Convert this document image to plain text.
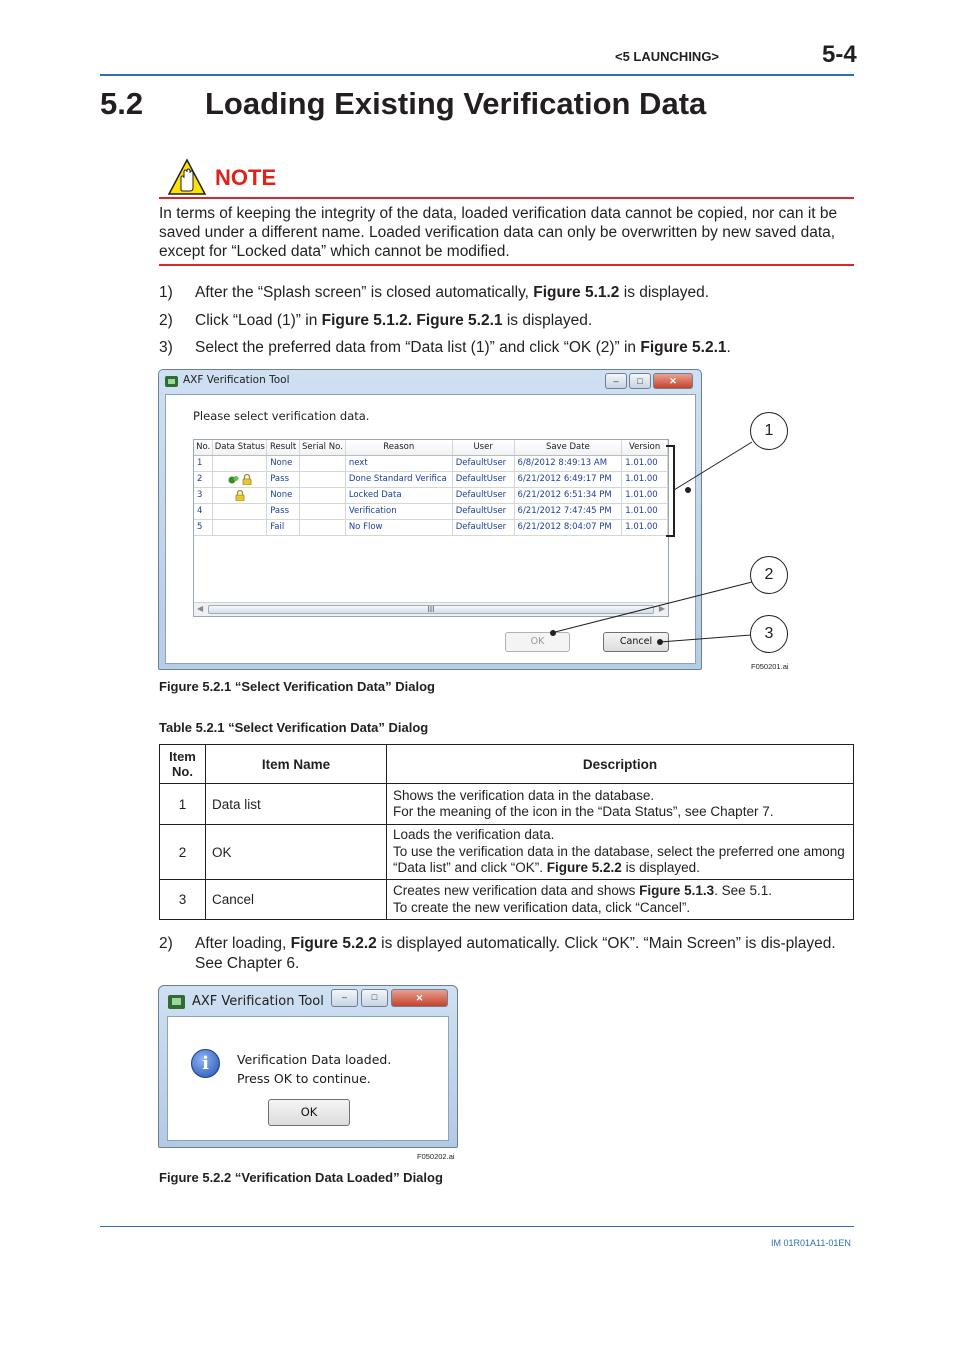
<5 LAUNCHING>	5-4
5.2 Loading Existing Verification Data
NOTE
In terms of keeping the integrity of the data, loaded verification data cannot be copied, nor can it be saved under a different name. Loaded verification data can only be overwritten by new saved data, except for “Locked data” which cannot be modified.
1) After the “Splash screen” is closed automatically, Figure 5.1.2 is displayed.
2) Click “Load (1)” in Figure 5.1.2. Figure 5.2.1 is displayed.
3) Select the preferred data from “Data list (1)” and click “OK (2)” in Figure 5.2.1.
AXF Verification Tool	–	□	✕
Please select verification data.
No.	Data Status	Result	Serial No.	Reason	User	Save Date	Version
1		None		next	DefaultUser	6/8/2012 8:49:13 AM	1.01.00
2		Pass		Done Standard Verifica	DefaultUser	6/21/2012 6:49:17 PM	1.01.00
3		None		Locked Data	DefaultUser	6/21/2012 6:51:34 PM	1.01.00
4		Pass		Verification	DefaultUser	6/21/2012 7:47:45 PM	1.01.00
5		Fail		No Flow	DefaultUser	6/21/2012 8:04:07 PM	1.01.00
◀	III	▶
OK	Cancel
1
2
3
F050201.ai
Figure 5.2.1 “Select Verification Data” Dialog
Table 5.2.1 “Select Verification Data” Dialog
Item No.	Item Name	Description
1	Data list	Shows the verification data in the database.
For the meaning of the icon in the “Data Status”, see Chapter 7.

2	OK	Loads the verification data.
To use the verification data in the database, select the preferred one among “Data list” and click “OK”. Figure 5.2.2 is displayed.

3	Cancel	Creates new verification data and shows Figure 5.1.3. See 5.1.
To create the new verification data, click “Cancel”.
2)	After loading, Figure 5.2.2 is displayed automatically. Click “OK”. “Main Screen” is dis-played. See Chapter 6.
AXF Verification Tool	–	□	✕
i	Verification Data loaded.
Press OK to continue.
OK
F050202.ai
Figure 5.2.2 “Verification Data Loaded” Dialog
IM 01R01A11-01EN
